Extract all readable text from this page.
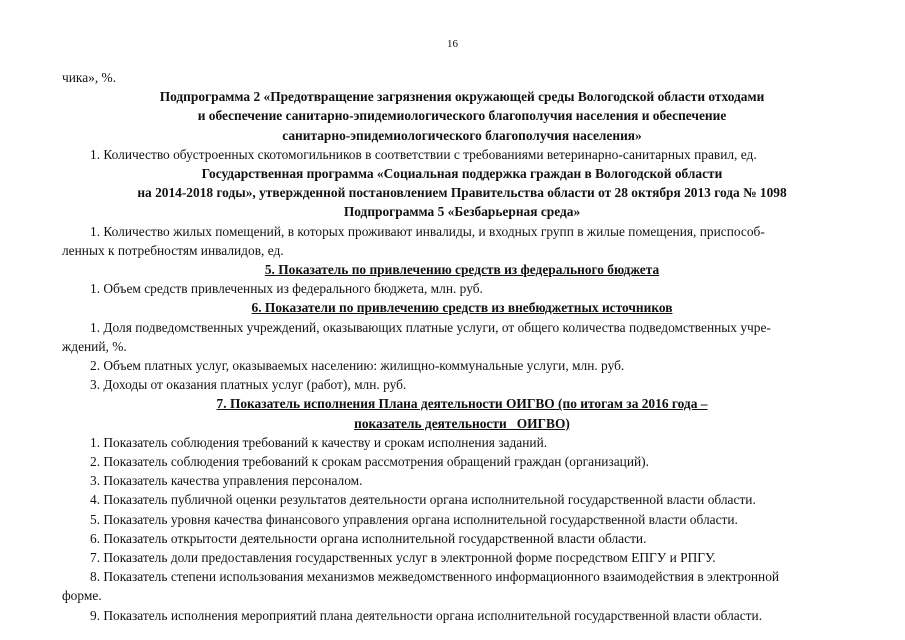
16

чика», %.

Подпрограмма 2 «Предотвращение загрязнения окружающей среды Вологодской области отходами

и обеспечение санитарно-эпидемиологического благополучия населения и обеспечение

санитарно-эпидемиологического благополучия населения»

1. Количество обустроенных скотомогильников в соответствии с требованиями ветеринарно-санитарных правил, ед.

Государственная программа «Социальная поддержка граждан в Вологодской области

на 2014-2018 годы», утвержденной постановлением Правительства области от 28 октября 2013 года № 1098

Подпрограмма 5 «Безбарьерная среда»

1. Количество жилых помещений, в которых проживают инвалиды, и входных групп в жилые помещения, приспособ-

ленных к потребностям инвалидов, ед.

5. Показатель по привлечению средств из федерального бюджета

1. Объем средств привлеченных из федерального бюджета, млн. руб.

6. Показатели по привлечению средств из внебюджетных источников

1. Доля подведомственных учреждений, оказывающих платные услуги, от общего количества подведомственных учре-

ждений, %.

2. Объем платных услуг, оказываемых населению: жилищно-коммунальные услуги, млн. руб.

3. Доходы от оказания платных услуг (работ), млн. руб.

7. Показатель исполнения Плана деятельности ОИГВО (по итогам за 2016 года –
показатель деятельности   ОИГВО)

1. Показатель соблюдения требований к качеству и срокам исполнения заданий.

2. Показатель соблюдения требований к срокам рассмотрения обращений граждан (организаций).

3. Показатель качества управления персоналом.

4. Показатель публичной оценки результатов деятельности органа исполнительной государственной власти области.

5. Показатель уровня качества финансового управления органа исполнительной государственной власти области.

6. Показатель открытости деятельности органа исполнительной государственной власти области.

7. Показатель доли предоставления государственных услуг в электронной форме посредством ЕПГУ и РПГУ.

8. Показатель степени использования механизмов межведомственного информационного взаимодействия в электронной

форме.

9. Показатель исполнения мероприятий плана деятельности органа исполнительной государственной власти области.
